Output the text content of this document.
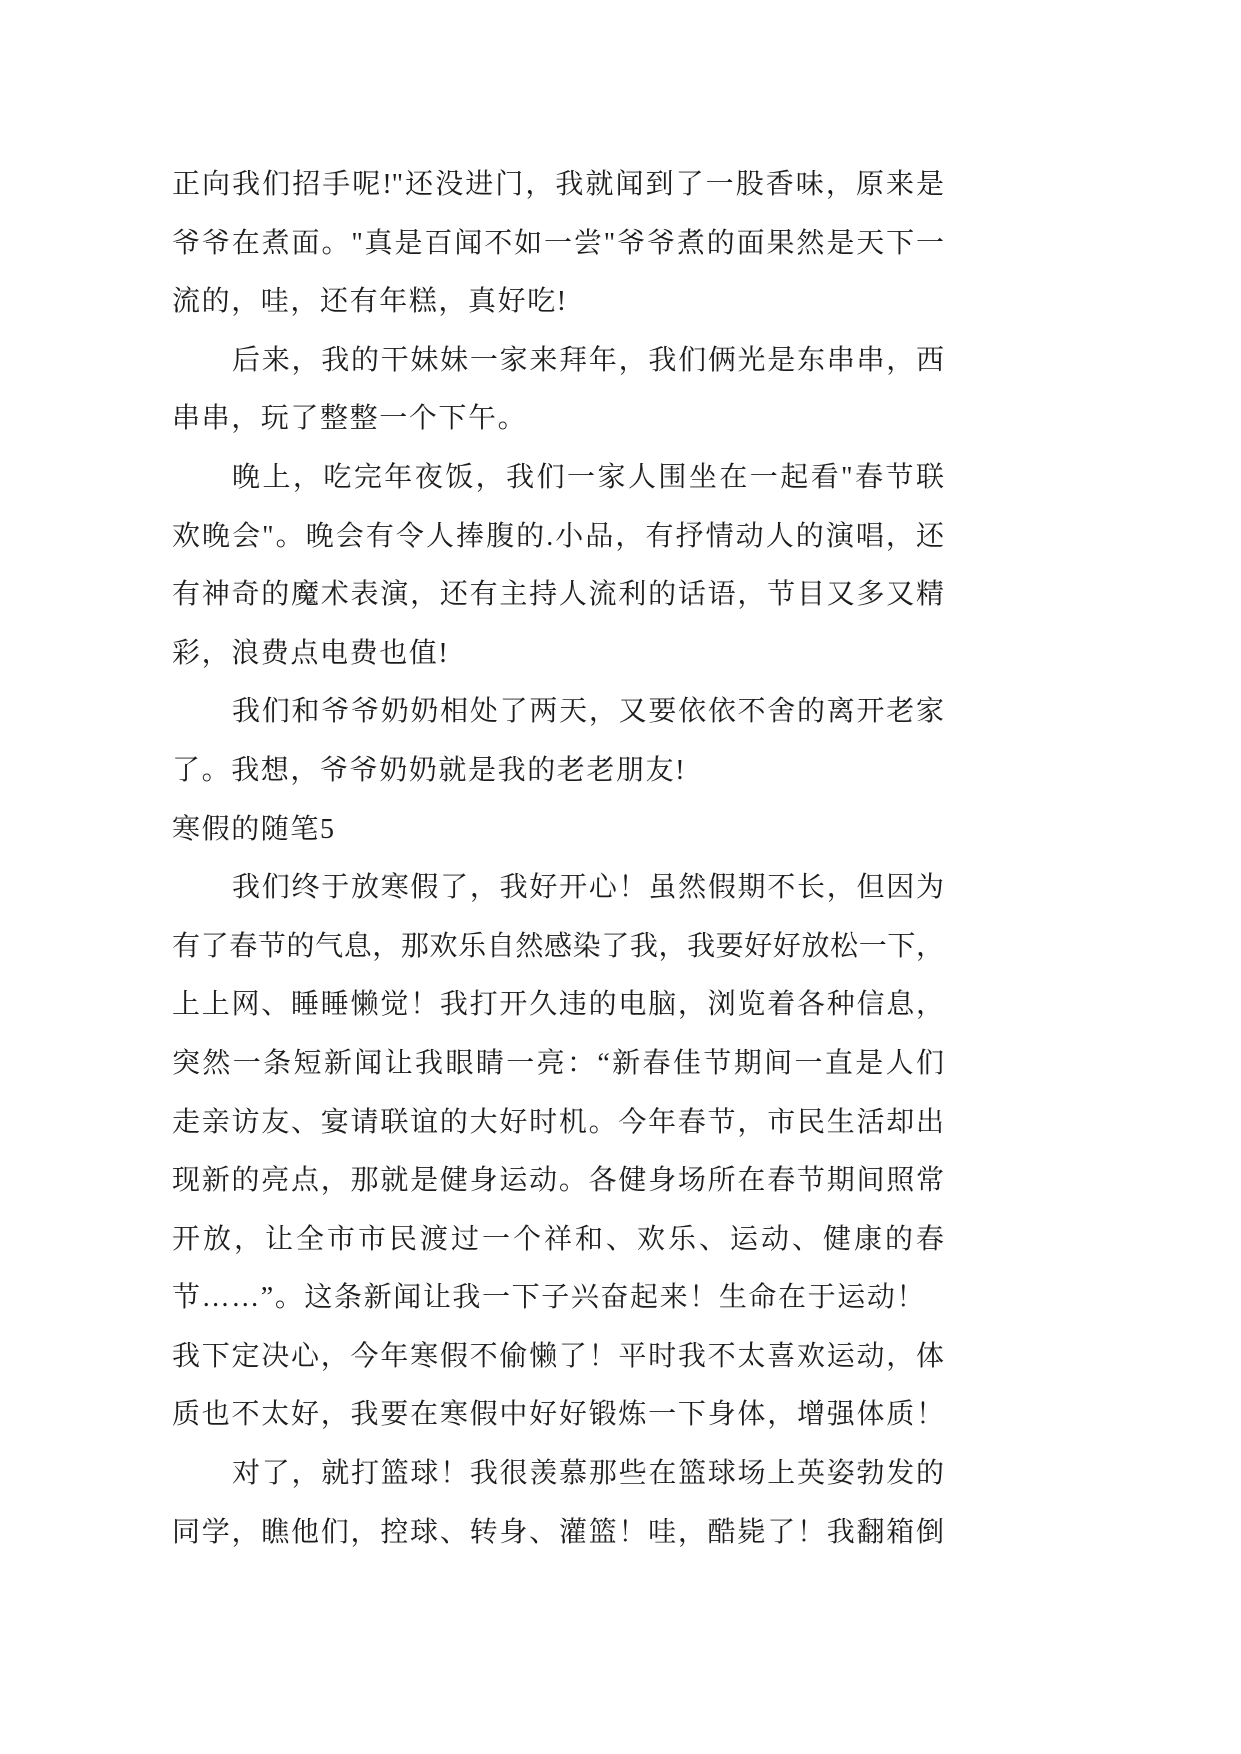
正向我们招手呢!"还没进门，我就闻到了一股香味，原来是
爷爷在煮面。"真是百闻不如一尝"爷爷煮的面果然是天下一
流的，哇，还有年糕，真好吃!
后来，我的干妹妹一家来拜年，我们俩光是东串串，西
串串，玩了整整一个下午。
晚上，吃完年夜饭，我们一家人围坐在一起看"春节联
欢晚会"。晚会有令人捧腹的.小品，有抒情动人的演唱，还
有神奇的魔术表演，还有主持人流利的话语，节目又多又精
彩，浪费点电费也值!
我们和爷爷奶奶相处了两天，又要依依不舍的离开老家
了。我想，爷爷奶奶就是我的老老朋友!
寒假的随笔5
我们终于放寒假了，我好开心！虽然假期不长，但因为
有了春节的气息，那欢乐自然感染了我，我要好好放松一下，
上上网、睡睡懒觉！我打开久违的电脑，浏览着各种信息，
突然一条短新闻让我眼睛一亮：“新春佳节期间一直是人们
走亲访友、宴请联谊的大好时机。今年春节，市民生活却出
现新的亮点，那就是健身运动。各健身场所在春节期间照常
开放，让全市市民渡过一个祥和、欢乐、运动、健康的春
节……”。这条新闻让我一下子兴奋起来！生命在于运动！
我下定决心，今年寒假不偷懒了！平时我不太喜欢运动，体
质也不太好，我要在寒假中好好锻炼一下身体，增强体质！
对了，就打篮球！我很羡慕那些在篮球场上英姿勃发的
同学，瞧他们，控球、转身、灌篮！哇，酷毙了！我翻箱倒
